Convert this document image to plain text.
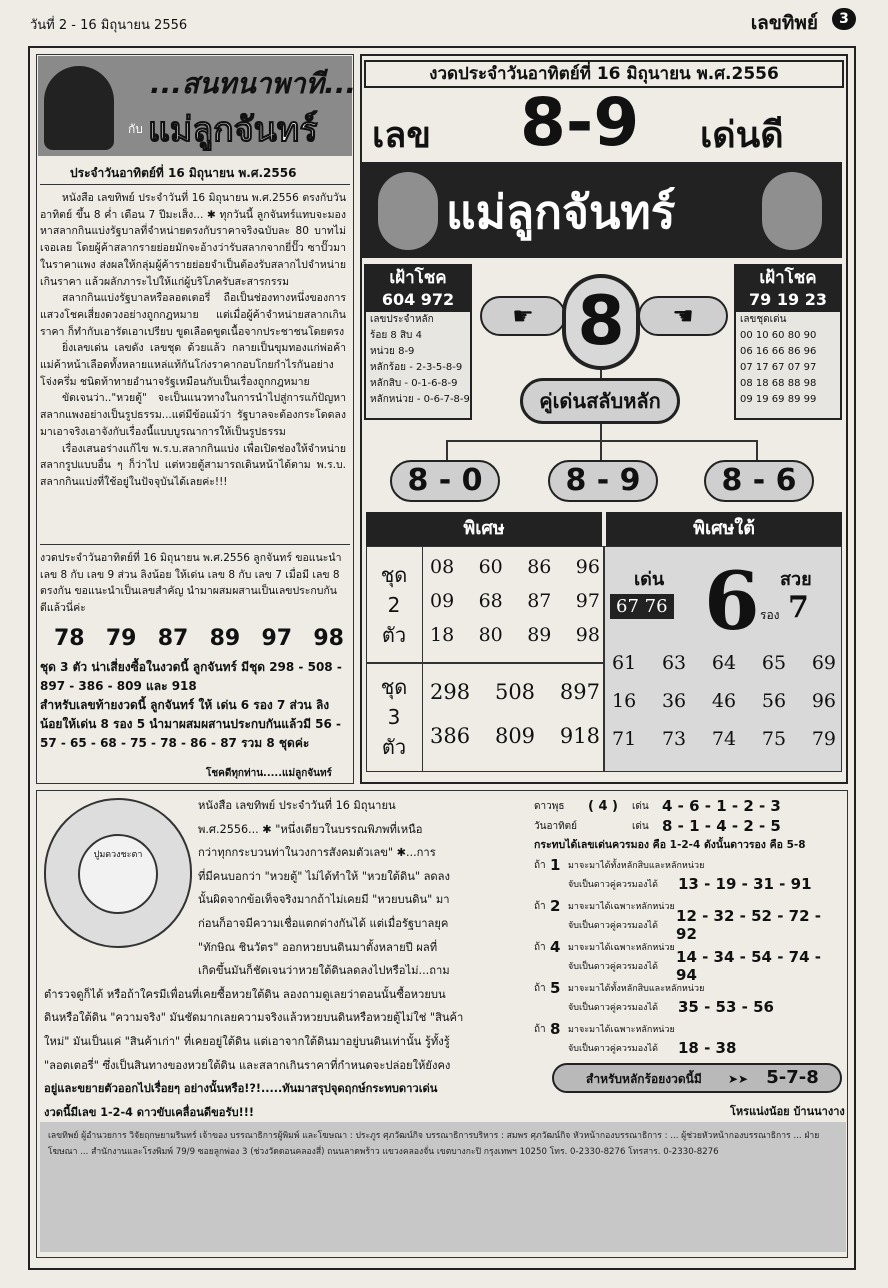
วันที่ 2 - 16 มิถุนายน 2556	เลขทิพย์	3
...สนทนาพาที...
กับ แม่ลูกจันทร์
ประจำวันอาทิตย์ที่ 16 มิถุนายน พ.ศ.2556

หนังสือ เลขทิพย์ ประจำวันที่ 16 มิถุนายน พ.ศ.2556 ตรงกับวันอาทิตย์ ขึ้น 8 ค่ำ เดือน 7 ปีมะเส็ง... ✱ ทุกวันนี้ ลูกจันทร์แทบจะมองหาสลากกินแบ่งรัฐบาลที่จำหน่ายตรงกับราคาจริงฉบับละ 80 บาทไม่เจอเลย โดยผู้ค้าสลากรายย่อยมักจะอ้างว่ารับสลากจากยี่ปั๊ว ซาปั๊วมาในราคาแพง ส่งผลให้กลุ่มผู้ค้ารายย่อยจำเป็นต้องรับสลากไปจำหน่ายเกินราคา แล้วผลักภาระไปให้แก่ผู้บริโภครับสะสารกรรม

สลากกินแบ่งรัฐบาลหรือลอตเตอรี่ ถือเป็นช่องทางหนึ่งของการแสวงโชคเสี่ยงดวงอย่างถูกกฎหมาย แต่เมื่อผู้ค้าจำหน่ายสลากเกินราคา ก็ทำกับเอารัดเอาเปรียบ ขูดเลือดขูดเนื้อจากประชาชนโดยตรง

ยิ่งเลขเด่น เลขดัง เลขชุด ด้วยแล้ว กลายเป็นขุมทองแก่พ่อค้าแม่ค้าหน้าเลือดทั้งหลายแหล่แท้กันโก่งราคากอบโกยกำไรกันอย่างโจ่งครึ่ม ชนิดท้าทายอำนาจรัฐเหมือนกับเป็นเรื่องถูกกฎหมาย

ขัดเจนว่า.."หวยตู้" จะเป็นแนวทางในการนำไปสู่การแก้ปัญหาสลากแพงอย่างเป็นรูปธรรม...แต่มีข้อแม้ว่า รัฐบาลจะต้องกระโดดลงมาเอาจริงเอาจังกับเรื่องนี้แบบบูรณาการให้เป็นรูปธรรม

เรื่องเสนอร่างแก้ไข พ.ร.บ.สลากกินแบ่ง เพื่อเปิดช่องให้จำหน่ายสลากรูปแบบอื่น ๆ ก็ว่าไป แต่หวยตู้สามารถเดินหน้าได้ตาม พ.ร.บ. สลากกินแบ่งที่ใช้อยู่ในปัจจุบันได้เลยค่ะ!!!

งวดประจำวันอาทิตย์ที่ 16 มิถุนายน พ.ศ.2556 ลูกจันทร์ ขอแนะนำ เลข 8 กับ เลข 9 ส่วน ลิงน้อย ให้เด่น เลข 8 กับ เลข 7 เมื่อมี เลข 8 ตรงกัน ขอแนะนำเป็นเลขสำคัญ นำมาผสมผสานเป็นเลขประกบกันดีแล้วนี่ค่ะ
78 79 87 89 97 98
ชุด 3 ตัว น่าเสี่ยงซื้อในงวดนี้ ลูกจันทร์ มีชุด 298 - 508 - 897 - 386 - 809 และ 918
สำหรับเลขท้ายงวดนี้ ลูกจันทร์ ให้ เด่น 6 รอง 7 ส่วน ลิงน้อยให้เด่น 8 รอง 5 นำมาผสมผสานประกบกันแล้วมี 56 - 57 - 65 - 68 - 75 - 78 - 86 - 87 รวม 8 ชุดค่ะ
โชคดีทุกท่าน.....แม่ลูกจันทร์
งวดประจำวันอาทิตย์ที่ 16 มิถุนายน พ.ศ.2556
เลข 8-9 เด่นดี
แม่ลูกจันทร์
เฝ้าโชค
604 972
เลขประจำหลัก
ร้อย 8 สิบ 4
หน่วย 8-9
หลักร้อย - 2-3-5-8-9
หลักสิบ - 0-1-6-8-9
หลักหน่วย - 0-6-7-8-9
เฝ้าโชค
79 19 23
เลขชุดเด่น
00 10 60 80 90
06 16 66 86 96
07 17 67 07 97
08 18 68 88 98
09 19 69 89 99
☛	☚
8
คู่เด่นสลับหลัก
8 - 0	8 - 9	8 - 6
พิเศษ	พิเศษใต้
ชุด
2
ตัว
08 60 86 96
09 68 87 97
18 80 89 98
ชุด
3
ตัว
298 508 897
386 809 918
เด่น	สวย
67 76 6 รอง 7
61 63 64 65 69
16 36 46 56 96
71 73 74 75 79
ปูมดวงชะตา
หนังสือ เลขทิพย์ ประจำวันที่ 16 มิถุนายน
พ.ศ.2556... ✱ "หนึ่งเดียวในบรรณพิภพที่เหนือ
กว่าทุกกระบวนท่าในวงการสังคมตัวเลข" ✱...การ
ที่มีคนบอกว่า "หวยตู้" ไม่ได้ทำให้ "หวยใต้ดิน" ลดลง
นั้นผิดจากข้อเท็จจริงมากถ้าไม่เคยมี "หวยบนดิน" มา
ก่อนก็อาจมีความเชื่อแตกต่างกันได้ แต่เมื่อรัฐบาลยุค
"ทักษิณ ชินวัตร" ออกหวยบนดินมาตั้งหลายปี ผลที่
เกิดขึ้นมันก็ชัดเจนว่าหวยใต้ดินลดลงไปหรือไม่...ถาม
ตำรวจดูก็ได้ หรือถ้าใครมีเพื่อนที่เคยซื้อหวยใต้ดิน ลองถามดูเลยว่าตอนนั้นซื้อหวยบน
ดินหรือใต้ดิน "ความจริง" มันชัดมากเลยความจริงแล้วหวยบนดินหรือหวยตู้ไม่ใช่ "สินค้า
ใหม่" มันเป็นแค่ "สินค้าเก่า" ที่เคยอยู่ใต้ดิน แต่เอาจากใต้ดินมาอยู่บนดินเท่านั้น รู้ทั้งรู้
"ลอตเตอรี่" ซึ่งเป็นสินทางของหวยใต้ดิน และสลากเกินราคาที่กำหนดจะปล่อยให้ยังคง
อยู่และขยายตัวออกไปเรื่อยๆ อย่างนั้นหรือ!?!.....ทันมาสรุปจุดฤกษ์กระทบดาวเด่น
งวดนี้มีเลข 1-2-4 ดาวขับเคลื่อนดีขอรับ!!!
ดาวพุธ	( 4 )	เด่น 4 - 6 - 1 - 2 - 3
วันอาทิตย์	เด่น 8 - 1 - 4 - 2 - 5
กระทบได้เลขเด่นควรมอง คือ 1-2-4 ดังนั้นดาวรอง คือ 5-8
ถ้า 1 มาจะมาได้ทั้งหลักสิบและหลักหน่วย
จับเป็นดาวคู่ควรมองได้	13 - 19 - 31 - 91
ถ้า 2 มาจะมาได้เฉพาะหลักหน่วย
จับเป็นดาวคู่ควรมองได้
12 - 32 - 52 - 72 - 92
ถ้า 4 มาจะมาได้เฉพาะหลักหน่วย
จับเป็นดาวคู่ควรมองได้
14 - 34 - 54 - 74 - 94
ถ้า 5 มาจะมาได้ทั้งหลักสิบและหลักหน่วย
จับเป็นดาวคู่ควรมองได้	35 - 53 - 56
ถ้า 8 มาจะมาได้เฉพาะหลักหน่วย
จับเป็นดาวคู่ควรมองได้	18 - 38
สำหรับหลักร้อยงวดนี้มี ➤➤ 5-7-8
โหรแน่งน้อย บ้านนางาง
เลขทิพย์ ผู้อำนวยการ วิจัยฤกษยามรินทร์ เจ้าของ บรรณาธิการผู้พิมพ์ และโฆษณา : ประภูร ศุภวัฒน์กิจ บรรณาธิการบริหาร : สมพร ศุภวัฒน์กิจ หัวหน้ากองบรรณาธิการ : ... ผู้ช่วยหัวหน้ากองบรรณาธิการ ... ฝ่ายโฆษณา ... สำนักงานและโรงพิมพ์ 79/9 ซอยลูกพ่อง 3 (ช่วงวัดดอนคลองสี่) ถนนลาดพร้าว แขวงคลองจั่น เขตบางกะปิ กรุงเทพฯ 10250 โทร. 0-2330-8276 โทรสาร. 0-2330-8276
